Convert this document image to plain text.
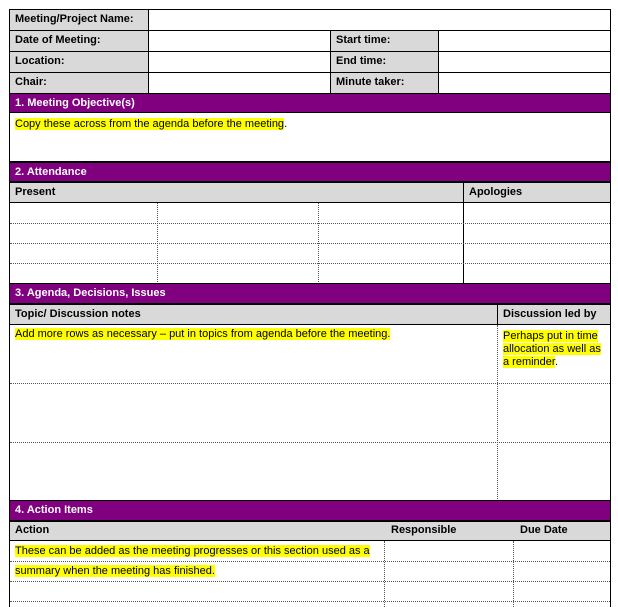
Meeting/Project Name:
Date of Meeting:	Start time:
Location:	End time:
Chair:	Minute taker:
1. Meeting Objective(s)
Copy these across from the agenda before the meeting.
2. Attendance
Present	Apologies
3. Agenda, Decisions, Issues
Topic/ Discussion notes	Discussion led by
Add more rows as necessary – put in topics from agenda before the meeting.	Perhaps put in time
allocation as well as
a reminder.
4. Action Items
Action	Responsible	Due Date
These can be added as the meeting progresses or this section used as a
summary when the meeting has finished.
